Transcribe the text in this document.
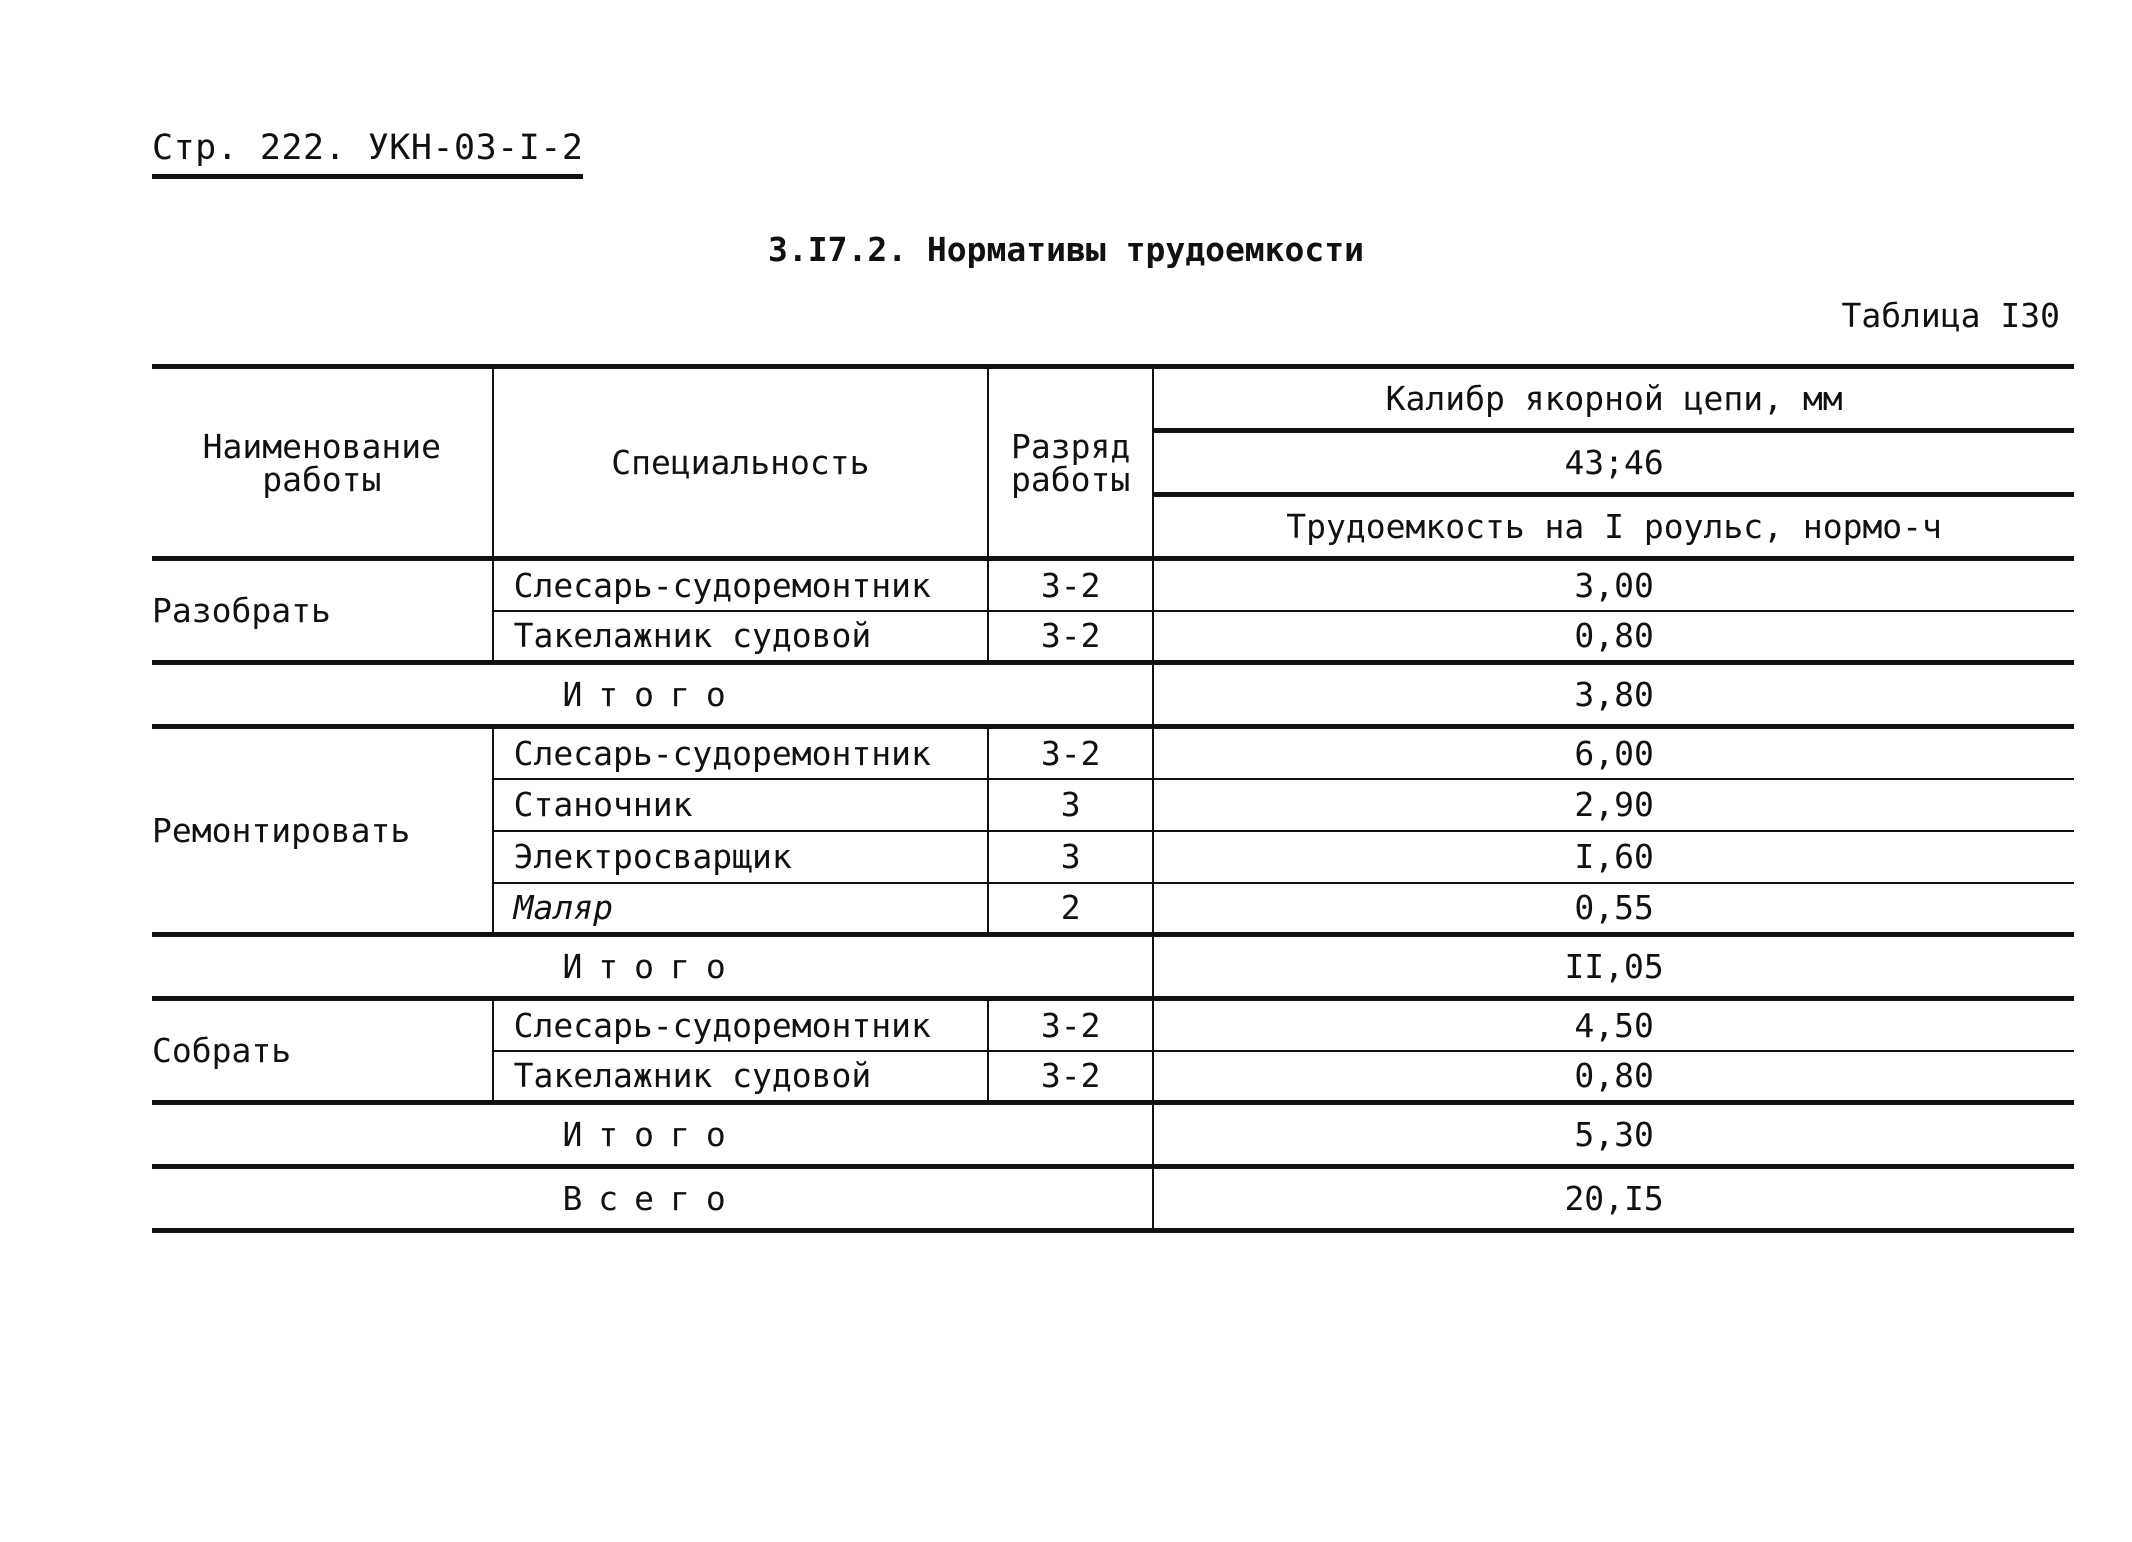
Стр. 222. УКН-03-I-2
3.I7.2. Нормативы трудоемкости
Таблица I30
Наименование работы	Специальность	Разряд работы	Калибр якорной цепи, мм
			43;46
			Трудоемкость на I роульс, нормо-ч
Разобрать	Слесарь-судоремонтник	3-2	3,00
	Такелажник судовой	3-2	0,80
Итого			3,80
Ремонтировать	Слесарь-судоремонтник	3-2	6,00
	Станочник	3	2,90
	Электросварщик	3	I,60
	Маляр	2	0,55
Итого			II,05
Собрать	Слесарь-судоремонтник	3-2	4,50
	Такелажник судовой	3-2	0,80
Итого			5,30
Всего			20,I5
